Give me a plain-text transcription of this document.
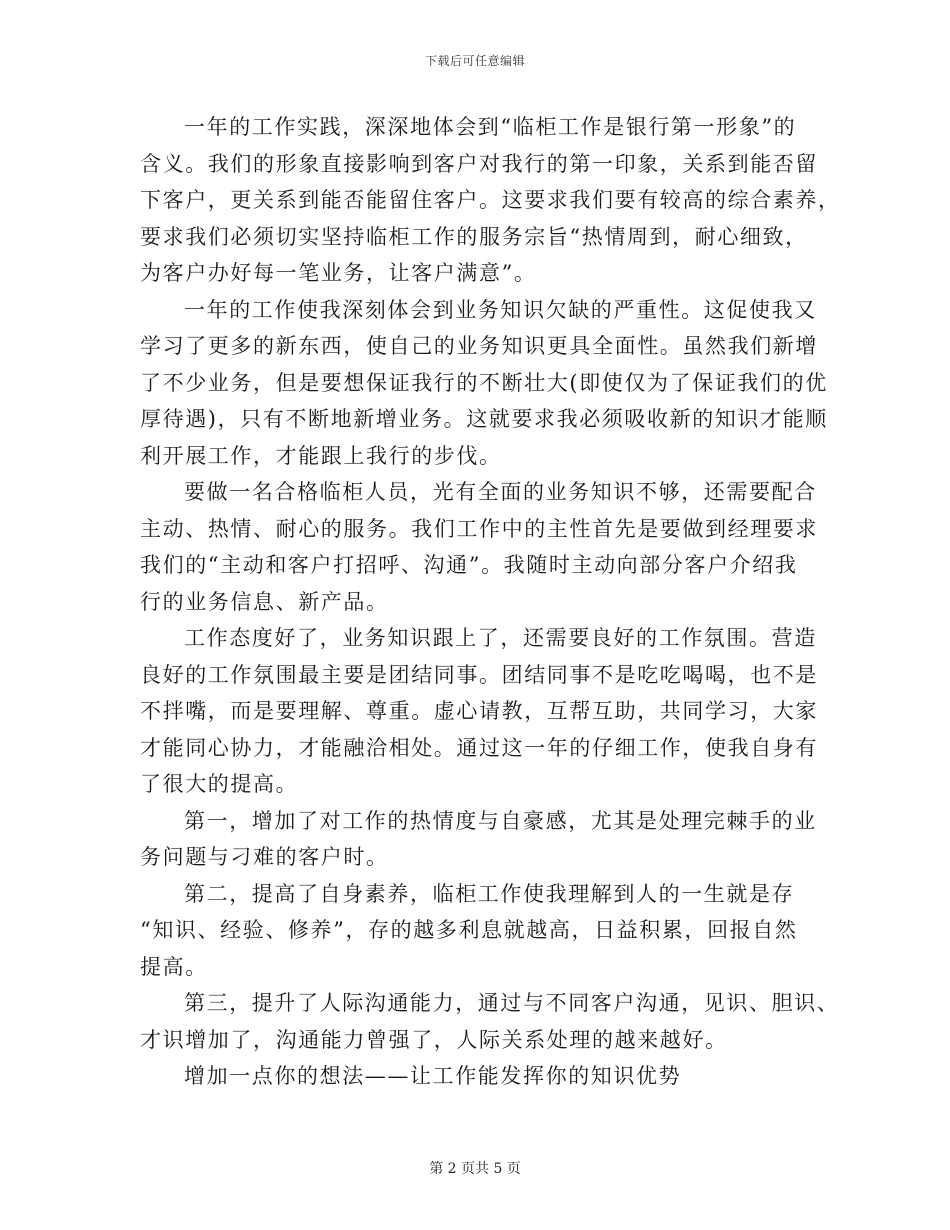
下载后可任意编辑
一年的工作实践，深深地体会到“临柜工作是银行第一形象”的
含义。我们的形象直接影响到客户对我行的第一印象，关系到能否留
下客户，更关系到能否能留住客户。这要求我们要有较高的综合素养，
要求我们必须切实坚持临柜工作的服务宗旨“热情周到，耐心细致，
为客户办好每一笔业务，让客户满意”。
一年的工作使我深刻体会到业务知识欠缺的严重性。这促使我又
学习了更多的新东西，使自己的业务知识更具全面性。虽然我们新增
了不少业务，但是要想保证我行的不断壮大(即使仅为了保证我们的优
厚待遇)，只有不断地新增业务。这就要求我必须吸收新的知识才能顺
利开展工作，才能跟上我行的步伐。
要做一名合格临柜人员，光有全面的业务知识不够，还需要配合
主动、热情、耐心的服务。我们工作中的主性首先是要做到经理要求
我们的“主动和客户打招呼、沟通”。我随时主动向部分客户介绍我
行的业务信息、新产品。
工作态度好了，业务知识跟上了，还需要良好的工作氛围。营造
良好的工作氛围最主要是团结同事。团结同事不是吃吃喝喝，也不是
不拌嘴，而是要理解、尊重。虚心请教，互帮互助，共同学习，大家
才能同心协力，才能融洽相处。通过这一年的仔细工作，使我自身有
了很大的提高。
第一，增加了对工作的热情度与自豪感，尤其是处理完棘手的业
务问题与刁难的客户时。
第二，提高了自身素养，临柜工作使我理解到人的一生就是存
“知识、经验、修养”，存的越多利息就越高，日益积累，回报自然
提高。
第三，提升了人际沟通能力，通过与不同客户沟通，见识、胆识、
才识增加了，沟通能力曾强了，人际关系处理的越来越好。
增加一点你的想法——让工作能发挥你的知识优势
第 2 页共 5 页
